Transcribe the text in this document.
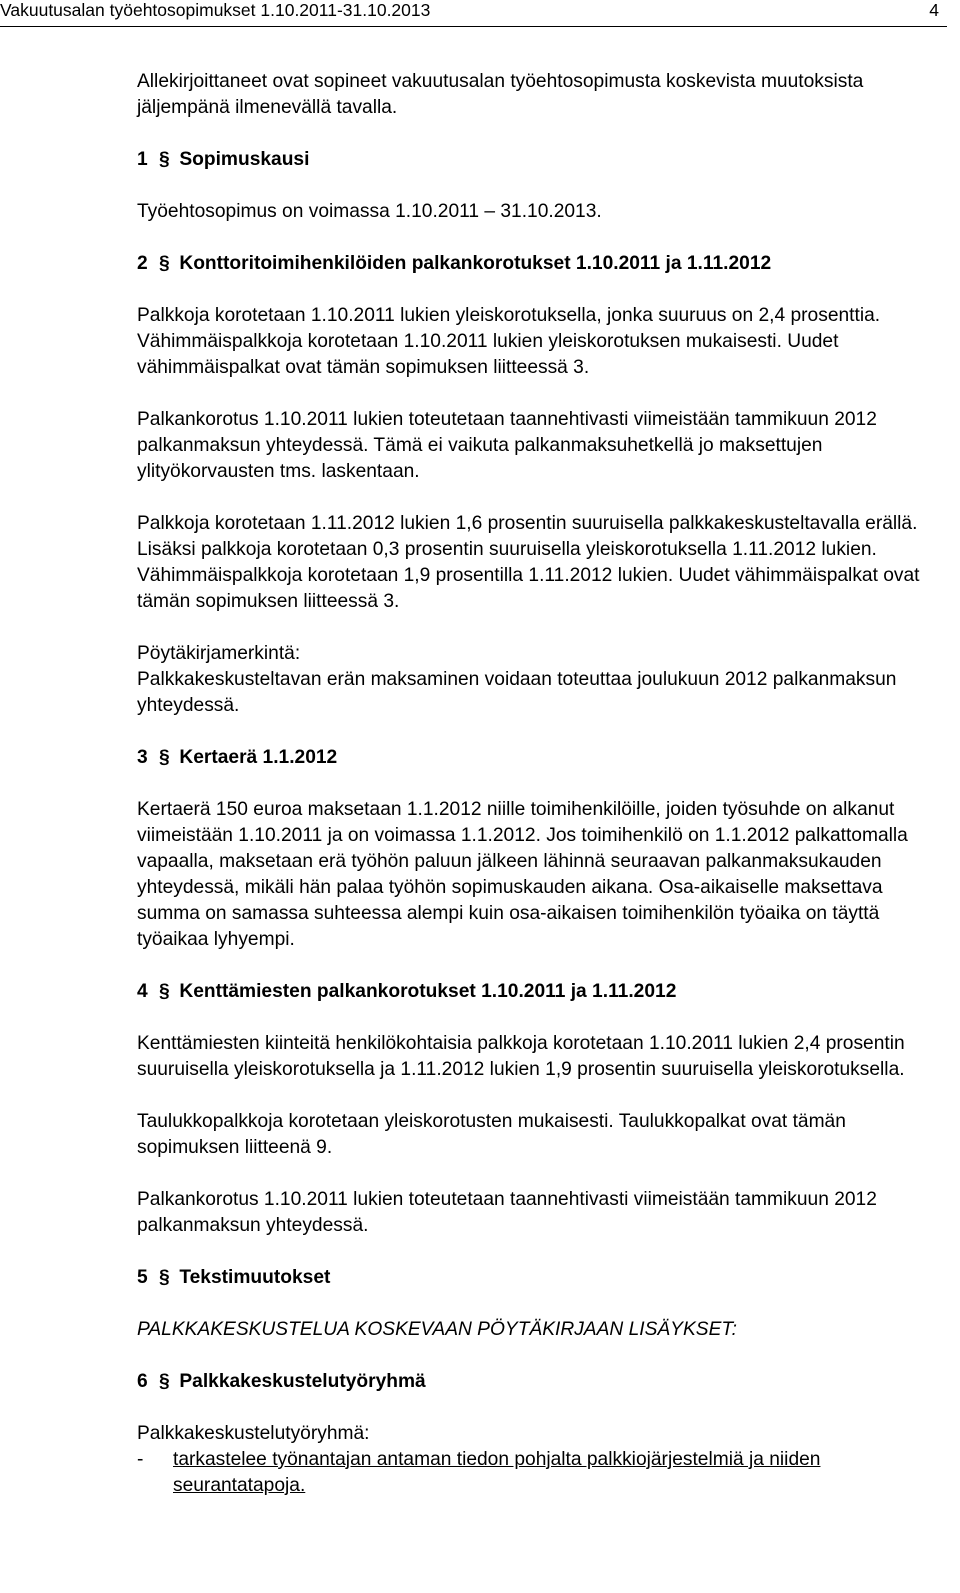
Vakuutusalan työehtosopimukset 1.10.2011-31.10.2013	4

Allekirjoittaneet ovat sopineet vakuutusalan työehtosopimusta koskevista muutoksista jäljempänä ilmenevällä tavalla.

1 § Sopimuskausi

Työehtosopimus on voimassa 1.10.2011 – 31.10.2013.

2 § Konttoritoimihenkilöiden palkankorotukset 1.10.2011 ja 1.11.2012

Palkkoja korotetaan 1.10.2011 lukien yleiskorotuksella, jonka suuruus on 2,4 prosenttia. Vähimmäispalkkoja korotetaan 1.10.2011 lukien yleiskorotuksen mukaisesti. Uudet vähimmäispalkat ovat tämän sopimuksen liitteessä 3.

Palkankorotus 1.10.2011 lukien toteutetaan taannehtivasti viimeistään tammikuun 2012 palkanmaksun yhteydessä. Tämä ei vaikuta palkanmaksuhetkellä jo maksettujen ylityökorvausten tms. laskentaan.

Palkkoja korotetaan 1.11.2012 lukien 1,6 prosentin suuruisella palkkakeskusteltavalla erällä. Lisäksi palkkoja korotetaan 0,3 prosentin suuruisella yleiskorotuksella 1.11.2012 lukien. Vähimmäispalkkoja korotetaan 1,9 prosentilla 1.11.2012 lukien. Uudet vähimmäispalkat ovat tämän sopimuksen liitteessä 3.

Pöytäkirjamerkintä:

Palkkakeskusteltavan erän maksaminen voidaan toteuttaa joulukuun 2012 palkanmaksun yhteydessä.

3 § Kertaerä 1.1.2012

Kertaerä 150 euroa maksetaan 1.1.2012 niille toimihenkilöille, joiden työsuhde on alkanut viimeistään 1.10.2011 ja on voimassa 1.1.2012. Jos toimihenkilö on 1.1.2012 palkattomalla vapaalla, maksetaan erä työhön paluun jälkeen lähinnä seuraavan palkanmaksukauden yhteydessä, mikäli hän palaa työhön sopimuskauden aikana. Osa-aikaiselle maksettava summa on samassa suhteessa alempi kuin osa-aikaisen toimihenkilön työaika on täyttä työaikaa lyhyempi.

4 § Kenttämiesten palkankorotukset 1.10.2011 ja 1.11.2012

Kenttämiesten kiinteitä henkilökohtaisia palkkoja korotetaan 1.10.2011 lukien 2,4 prosentin suuruisella yleiskorotuksella ja 1.11.2012 lukien 1,9 prosentin suuruisella yleiskorotuksella.

Taulukkopalkkoja korotetaan yleiskorotusten mukaisesti. Taulukkopalkat ovat tämän sopimuksen liitteenä 9.

Palkankorotus 1.10.2011 lukien toteutetaan taannehtivasti viimeistään tammikuun 2012 palkanmaksun yhteydessä.

5 § Tekstimuutokset

PALKKAKESKUSTELUA KOSKEVAAN PÖYTÄKIRJAAN LISÄYKSET:

6 § Palkkakeskustelutyöryhmä

Palkkakeskustelutyöryhmä:

- tarkastelee työnantajan antaman tiedon pohjalta palkkiojärjestelmiä ja niiden seurantatapoja.
